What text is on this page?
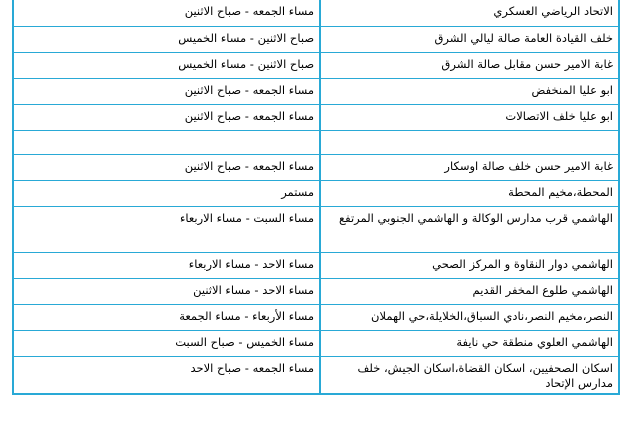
الاتحاد الرياضي العسكري	مساء الجمعه - صباح الاثنين
خلف القيادة العامة صالة ليالي الشرق	صباح الاثنين - مساء الخميس
غابة الامير حسن مقابل صالة الشرق	صباح الاثنين - مساء الخميس
ابو عليا المنخفض	مساء الجمعه - صباح الاثنين
ابو عليا خلف الاتصالات	مساء الجمعه - صباح الاثنين

غابة الامير حسن خلف صالة اوسكار	مساء الجمعه - صباح الاثنين
المحطة،مخيم المحطة	مستمر
الهاشمي قرب مدارس الوكالة و الهاشمي الجنوبي المرتفع	مساء السبت - مساء الاربعاء
الهاشمي دوار النقاوة و المركز الصحي	مساء الاحد - مساء الاربعاء
الهاشمي طلوع المخفر القديم	مساء الاحد - مساء الاثنين
النصر،مخيم النصر،نادي السباق،الخلايلة،حي الهملان	مساء الأربعاء - مساء الجمعة
الهاشمي العلوي منطقة حي نايفة	مساء الخميس - صباح السبت
اسكان الصحفيين، اسكان القضاة،اسكان الجيش، خلف مدارس الإتحاد	مساء الجمعه - صباح الاحد
